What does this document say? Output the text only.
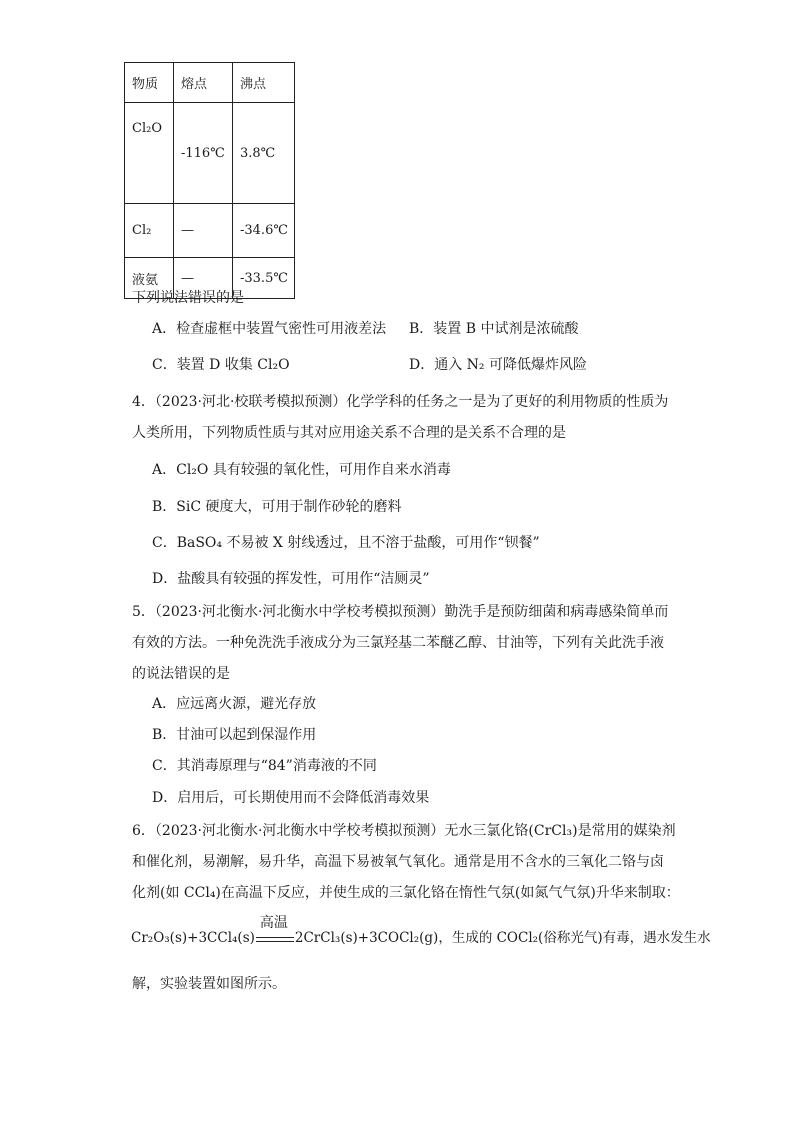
物质	熔点	沸点
Cl₂O	-116℃	3.8℃
Cl₂	—	-34.6℃
液氨	—	-33.5℃
下列说法错误的是
A．检查虚框中装置气密性可用液差法 B．装置 B 中试剂是浓硫酸
C．装置 D 收集 Cl₂O	D．通入 N₂ 可降低爆炸风险
4．（2023·河北·校联考模拟预测）化学学科的任务之一是为了更好的利用物质的性质为
人类所用，下列物质性质与其对应用途关系不合理的是关系不合理的是
A．Cl₂O 具有较强的氧化性，可用作自来水消毒
B．SiC 硬度大，可用于制作砂轮的磨料
C．BaSO₄ 不易被 X 射线透过，且不溶于盐酸，可用作“钡餐”
D．盐酸具有较强的挥发性，可用作“洁厕灵”
5．（2023·河北衡水·河北衡水中学校考模拟预测）勤洗手是预防细菌和病毒感染简单而
有效的方法。一种免洗洗手液成分为三氯羟基二苯醚乙醇、甘油等，下列有关此洗手液
的说法错误的是
A．应远离火源，避光存放
B．甘油可以起到保湿作用
C．其消毒原理与“84”消毒液的不同
D．启用后，可长期使用而不会降低消毒效果
6．（2023·河北衡水·河北衡水中学校考模拟预测）无水三氯化铬(CrCl₃)是常用的媒染剂
和催化剂，易潮解，易升华，高温下易被氧气氧化。通常是用不含水的三氧化二铬与卤
化剂(如 CCl₄)在高温下反应，并使生成的三氯化铬在惰性气氛(如氮气气氛)升华来制取：
Cr₂O₃(s)+3CCl₄(s)
高温
2CrCl₃(s)+3COCl₂(g)，生成的 COCl₂(俗称光气)有毒，遇水发生水
解，实验装置如图所示。
